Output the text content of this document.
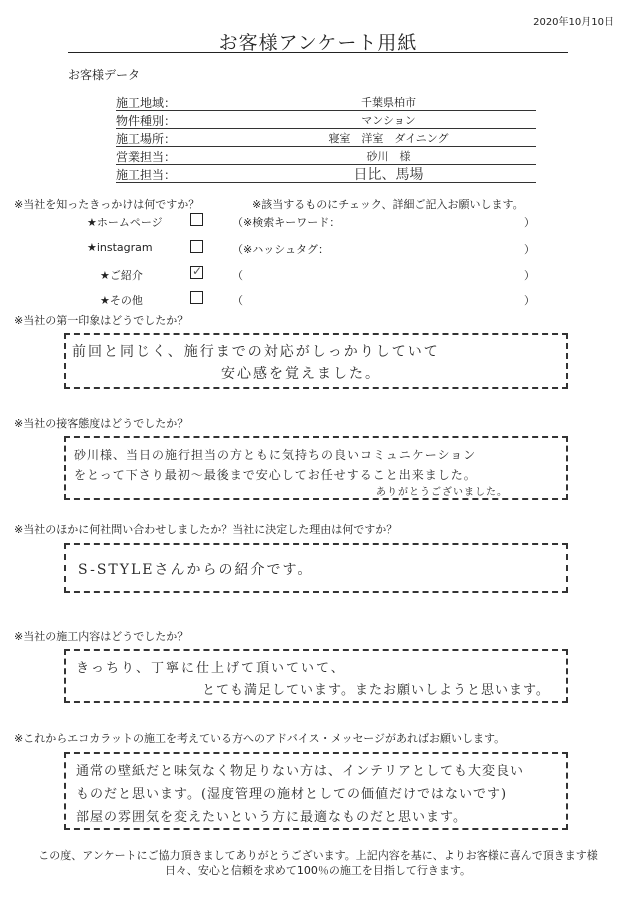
2020年10月10日
お客様アンケート用紙
お客様データ
施工地域：	千葉県柏市
物件種別：	マンション
施工場所：	寝室　洋室　ダイニング
営業担当：	砂川　様
施工担当：	日比、馬場
※当社を知ったきっかけは何ですか？	※該当するものにチェック、詳細ご記入お願いします。
★ホームページ	（※検索キーワード：	）
★instagram	（※ハッシュタグ：	）
★ご紹介	✓	（	）
★その他	（	）
※当社の第一印象はどうでしたか？
前回と同じく、施行までの対応がしっかりしていて
安心感を覚えました。
※当社の接客態度はどうでしたか？
砂川様、当日の施行担当の方ともに気持ちの良いコミュニケーション
をとって下さり最初〜最後まで安心してお任せすること出来ました。
ありがとうございました。
※当社のほかに何社問い合わせしましたか？当社に決定した理由は何ですか？
S-STYLEさんからの紹介です。
※当社の施工内容はどうでしたか？
きっちり、丁寧に仕上げて頂いていて、
とても満足しています。またお願いしようと思います。
※これからエコカラットの施工を考えている方へのアドバイス・メッセージがあればお願いします。
通常の壁紙だと味気なく物足りない方は、インテリアとしても大変良い
ものだと思います。(湿度管理の施材としての価値だけではないです)
部屋の雰囲気を変えたいという方に最適なものだと思います。
この度、アンケートにご協力頂きましてありがとうございます。上記内容を基に、よりお客様に喜んで頂きます様
日々、安心と信頼を求めて100％の施工を目指して行きます。
